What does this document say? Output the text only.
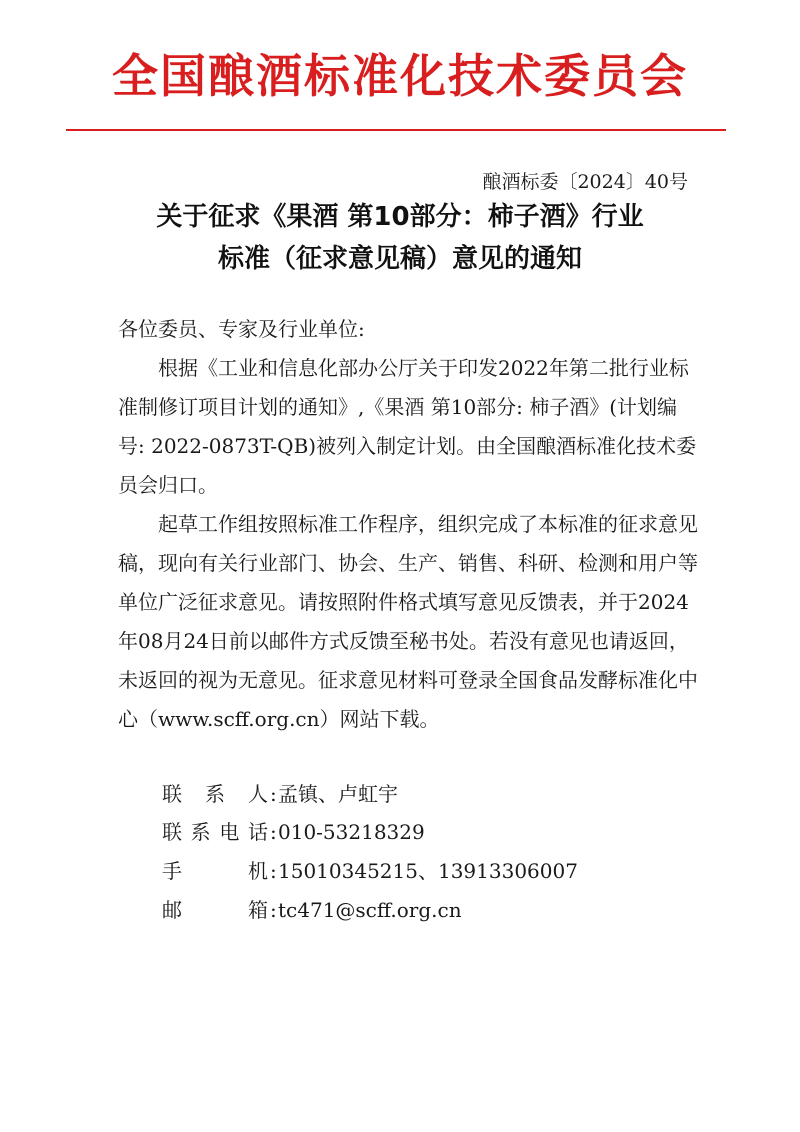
全国酿酒标准化技术委员会
酿酒标委〔2024〕40号
关于征求《果酒 第10部分：柿子酒》行业
标准（征求意见稿）意见的通知

各位委员、专家及行业单位:

根据《工业和信息化部办公厅关于印发2022年第二批行业标准制修订项目计划的通知》,《果酒 第10部分: 柿子酒》(计划编号: 2022-0873T-QB)被列入制定计划。由全国酿酒标准化技术委员会归口。

起草工作组按照标准工作程序，组织完成了本标准的征求意见稿，现向有关行业部门、协会、生产、销售、科研、检测和用户等单位广泛征求意见。请按照附件格式填写意见反馈表，并于2024年08月24日前以邮件方式反馈至秘书处。若没有意见也请返回，未返回的视为无意见。征求意见材料可登录全国食品发酵标准化中心（www.scff.org.cn）网站下载。

联 系 人 : 孟镇、卢虹宇
联系电话 : 010-53218329
手 机 : 15010345215、13913306007
邮 箱 : tc471@scff.org.cn
